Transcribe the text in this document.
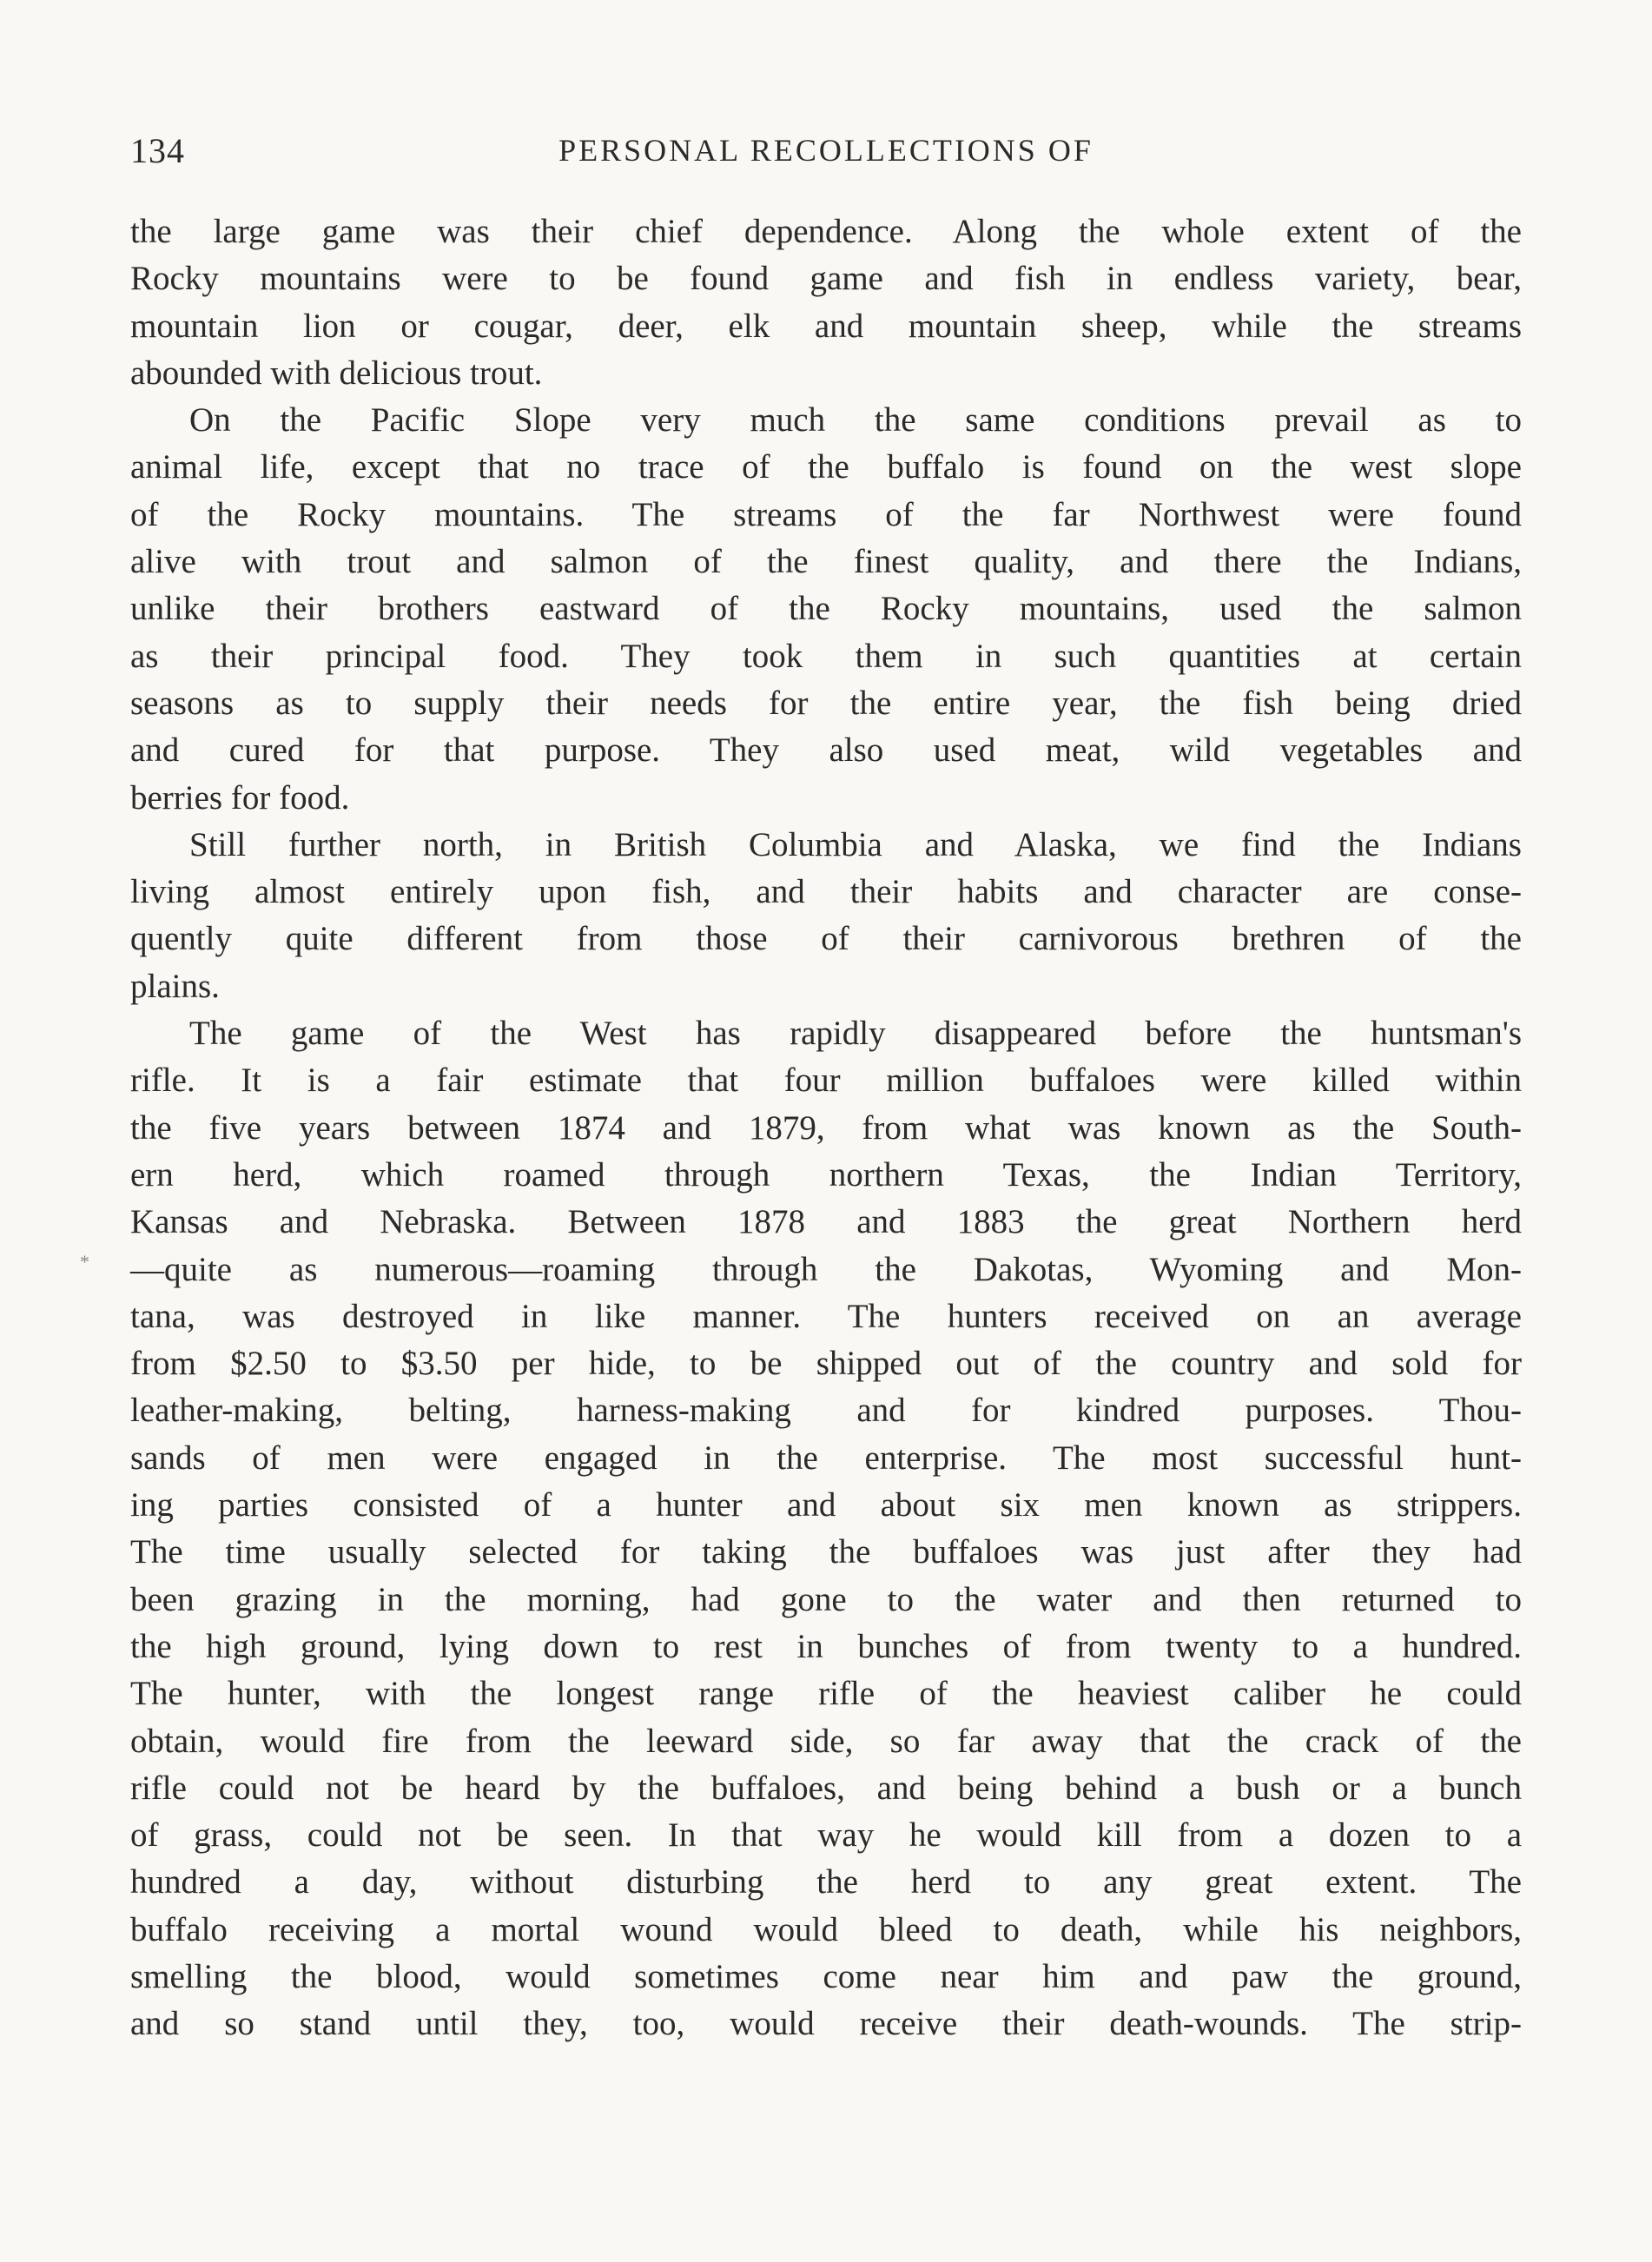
134	PERSONAL RECOLLECTIONS OF
*
the large game was their chief dependence. Along the whole extent of the
Rocky mountains were to be found game and fish in endless variety, bear,
mountain lion or cougar, deer, elk and mountain sheep, while the streams
abounded with delicious trout.
On the Pacific Slope very much the same conditions prevail as to
animal life, except that no trace of the buffalo is found on the west slope
of the Rocky mountains. The streams of the far Northwest were found
alive with trout and salmon of the finest quality, and there the Indians,
unlike their brothers eastward of the Rocky mountains, used the salmon
as their principal food. They took them in such quantities at certain
seasons as to supply their needs for the entire year, the fish being dried
and cured for that purpose. They also used meat, wild vegetables and
berries for food.
Still further north, in British Columbia and Alaska, we find the Indians
living almost entirely upon fish, and their habits and character are conse-
quently quite different from those of their carnivorous brethren of the
plains.
The game of the West has rapidly disappeared before the huntsman's
rifle. It is a fair estimate that four million buffaloes were killed within
the five years between 1874 and 1879, from what was known as the South-
ern herd, which roamed through northern Texas, the Indian Territory,
Kansas and Nebraska. Between 1878 and 1883 the great Northern herd
—quite as numerous—roaming through the Dakotas, Wyoming and Mon-
tana, was destroyed in like manner. The hunters received on an average
from $2.50 to $3.50 per hide, to be shipped out of the country and sold for
leather-making, belting, harness-making and for kindred purposes. Thou-
sands of men were engaged in the enterprise. The most successful hunt-
ing parties consisted of a hunter and about six men known as strippers.
The time usually selected for taking the buffaloes was just after they had
been grazing in the morning, had gone to the water and then returned to
the high ground, lying down to rest in bunches of from twenty to a hundred.
The hunter, with the longest range rifle of the heaviest caliber he could
obtain, would fire from the leeward side, so far away that the crack of the
rifle could not be heard by the buffaloes, and being behind a bush or a bunch
of grass, could not be seen. In that way he would kill from a dozen to a
hundred a day, without disturbing the herd to any great extent. The
buffalo receiving a mortal wound would bleed to death, while his neighbors,
smelling the blood, would sometimes come near him and paw the ground,
and so stand until they, too, would receive their death-wounds. The strip-
